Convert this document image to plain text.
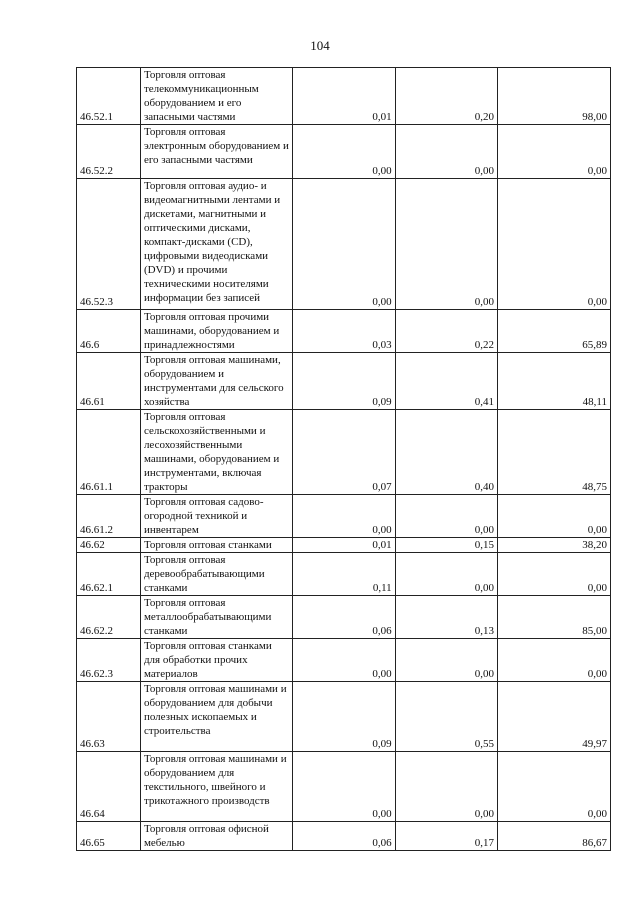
104
46.52.1	Торговля оптовая телекоммуникационным оборудованием и его запасными частями	0,01	0,20	98,00
46.52.2	Торговля оптовая электронным оборудованием и его запасными частями	0,00	0,00	0,00
46.52.3	Торговля оптовая аудио- и видеомагнитными лентами и дискетами, магнитными и оптическими дисками, компакт-дисками (CD), цифровыми видеодисками (DVD) и прочими техническими носителями информации без записей	0,00	0,00	0,00
46.6	Торговля оптовая прочими машинами, оборудованием и принадлежностями	0,03	0,22	65,89
46.61	Торговля оптовая машинами, оборудованием и инструментами для сельского хозяйства	0,09	0,41	48,11
46.61.1	Торговля оптовая сельскохозяйственными и лесохозяйственными машинами, оборудованием и инструментами, включая тракторы	0,07	0,40	48,75
46.61.2	Торговля оптовая садово-огородной техникой и инвентарем	0,00	0,00	0,00
46.62	Торговля оптовая станками	0,01	0,15	38,20
46.62.1	Торговля оптовая деревообрабатывающими станками	0,11	0,00	0,00
46.62.2	Торговля оптовая металлообрабатывающими станками	0,06	0,13	85,00
46.62.3	Торговля оптовая станками для обработки прочих материалов	0,00	0,00	0,00
46.63	Торговля оптовая машинами и оборудованием для добычи полезных ископаемых и строительства	0,09	0,55	49,97
46.64	Торговля оптовая машинами и оборудованием для текстильного, швейного и трикотажного производств	0,00	0,00	0,00
46.65	Торговля оптовая офисной мебелью	0,06	0,17	86,67
